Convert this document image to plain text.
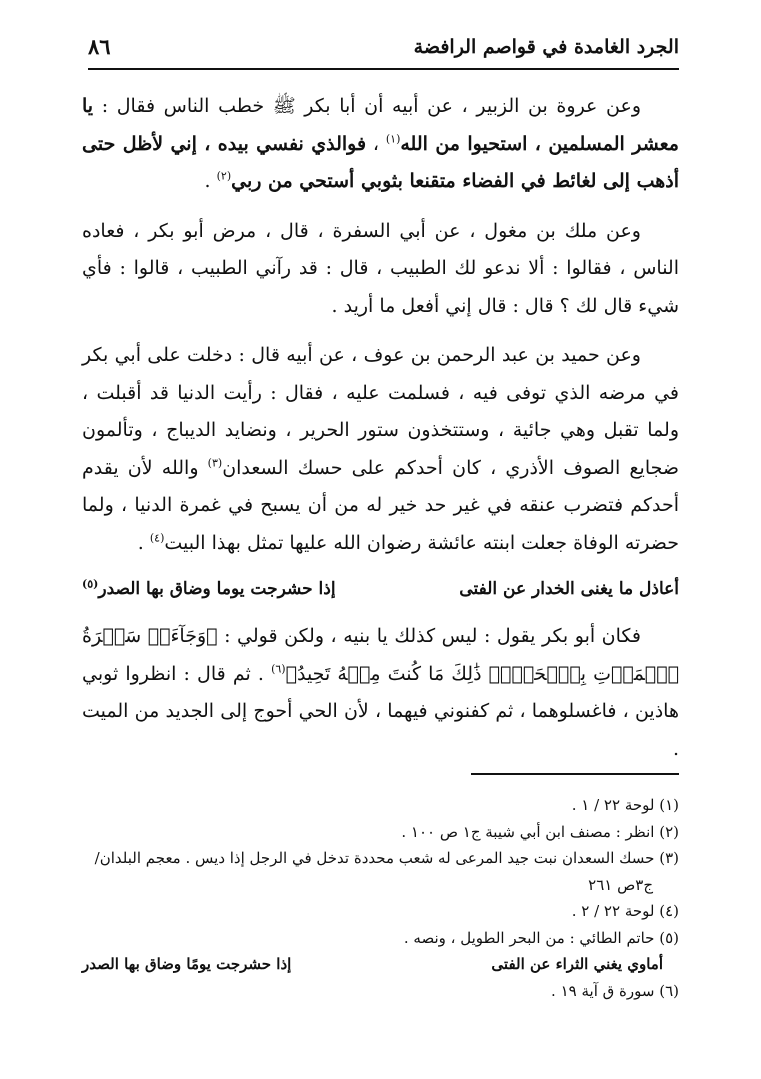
الجرد الغامدة في قواصم الرافضة
٨٦

  وعن عروة بن الزبير ، عن أبيه أن أبا بكر ﷺ خطب الناس فقال : يا معشر المسلمين ، استحيوا من الله$^{(١)}$ ، فوالذي نفسي بيده ، إني لأظل حتى أذهب إلى لغائط في الفضاء متقنعا بثوبي أستحي من ربي$^{(٢)}$ .

  وعن ملك بن مغول ، عن أبي السفرة ، قال ، مرض أبو بكر ، فعاده الناس ، فقالوا : ألا ندعو لك الطبيب ، قال : قد رآني الطبيب ، قالوا : فأي شيء قال لك ؟ قال : قال إني أفعل ما أريد .

  وعن حميد بن عبد الرحمن بن عوف ، عن أبيه قال : دخلت على أبي بكر في مرضه الذي توفى فيه ، فسلمت عليه ، فقال : رأيت الدنيا قد أقبلت ، ولما تقبل وهي جائية ، وستتخذون ستور الحرير ، ونضايد الديباج ، وتألمون ضجايع الصوف الأذري ، كان أحدكم على حسك السعدان$^{(٣)}$ والله لأن يقدم أحدكم فتضرب عنقه في غير حد خير له من أن يسبح في غمرة الدنيا ، ولما حضرته الوفاة جعلت ابنته عائشة رضوان الله عليها تمثل بهذا البيت$^{(٤)}$ .

أعاذل ما يغنى الخدار عن الفتى
إذا حشرجت يوما وضاق بها الصدر$^{(٥)}$

  فكان أبو بكر يقول : ليس كذلك يا بنيه ، ولكن قولي : ﴿وَجَآءَتۡ سَكۡرَةُ ٱلۡمَوۡتِ بِٱلۡحَقِّۖ ذَٰلِكَ مَا كُنتَ مِنۡهُ تَحِيدُ﴾$^{(٦)}$ . ثم قال : انظروا ثوبي هاذين ، فاغسلوهما ، ثم كفنوني فيهما ، لأن الحي أحوج إلى الجديد من الميت .

(١) لوحة ٢٢ / ١ .

(٢) انظر : مصنف ابن أبي شيبة ج١ ص ١٠٠ .

(٣) حسك السعدان نبت جيد المرعى له شعب محددة تدخل في الرجل إذا ديس . معجم البلدان/

ج٣ص ٢٦١

(٤) لوحة ٢٢ / ٢ .

(٥) حاتم الطائي : من البحر الطويل ، ونصه .

أماوي يغني الثراء عن الفتى
إذا حشرجت يومًا وضاق بها الصدر

(٦) سورة ق آية ١٩ .
